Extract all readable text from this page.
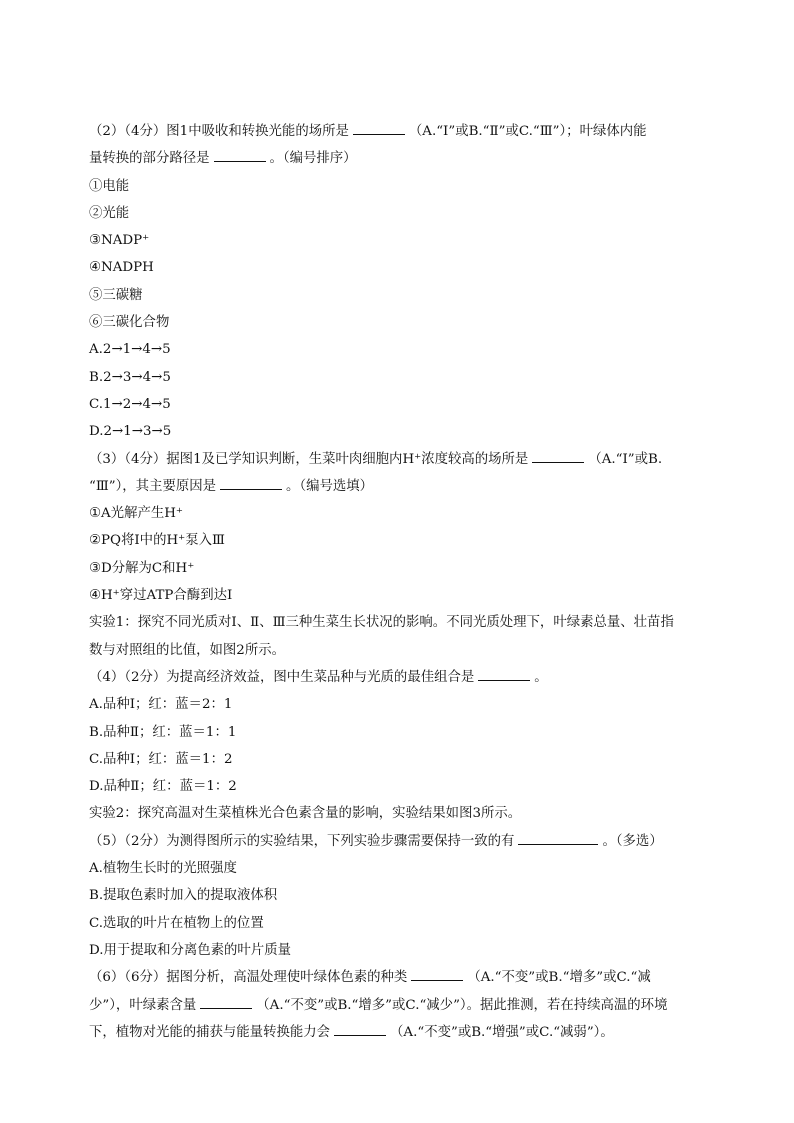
（2）（4分）图1中吸收和转换光能的场所是	（A.“Ⅰ”或B.“Ⅱ”或C.“Ⅲ”）；叶绿体内能
量转换的部分路径是	。（编号排序）
①电能
②光能
③NADP⁺
④NADPH
⑤三碳糖
⑥三碳化合物
A.2→1→4→5
B.2→3→4→5
C.1→2→4→5
D.2→1→3→5
（3）（4分）据图1及已学知识判断，生菜叶肉细胞内H⁺浓度较高的场所是	（A.“Ⅰ”或B.
“Ⅲ”），其主要原因是	。（编号选填）
①A光解产生H⁺
②PQ将Ⅰ中的H⁺泵入Ⅲ
③D分解为C和H⁺
④H⁺穿过ATP合酶到达Ⅰ
实验1：探究不同光质对Ⅰ、Ⅱ、Ⅲ三种生菜生长状况的影响。不同光质处理下，叶绿素总量、壮苗指
数与对照组的比值，如图2所示。
（4）（2分）为提高经济效益，图中生菜品种与光质的最佳组合是	。
A.品种Ⅰ；红：蓝＝2：1
B.品种Ⅱ；红：蓝＝1：1
C.品种Ⅰ；红：蓝＝1：2
D.品种Ⅱ；红：蓝＝1：2
实验2：探究高温对生菜植株光合色素含量的影响，实验结果如图3所示。
（5）（2分）为测得图所示的实验结果，下列实验步骤需要保持一致的有	。（多选）
A.植物生长时的光照强度
B.提取色素时加入的提取液体积
C.选取的叶片在植物上的位置
D.用于提取和分离色素的叶片质量
（6）（6分）据图分析，高温处理使叶绿体色素的种类	（A.“不变”或B.“增多”或C.“减
少”），叶绿素含量	（A.“不变”或B.“增多”或C.“减少”）。据此推测，若在持续高温的环境
下，植物对光能的捕获与能量转换能力会	（A.“不变”或B.“增强”或C.“减弱”）。
